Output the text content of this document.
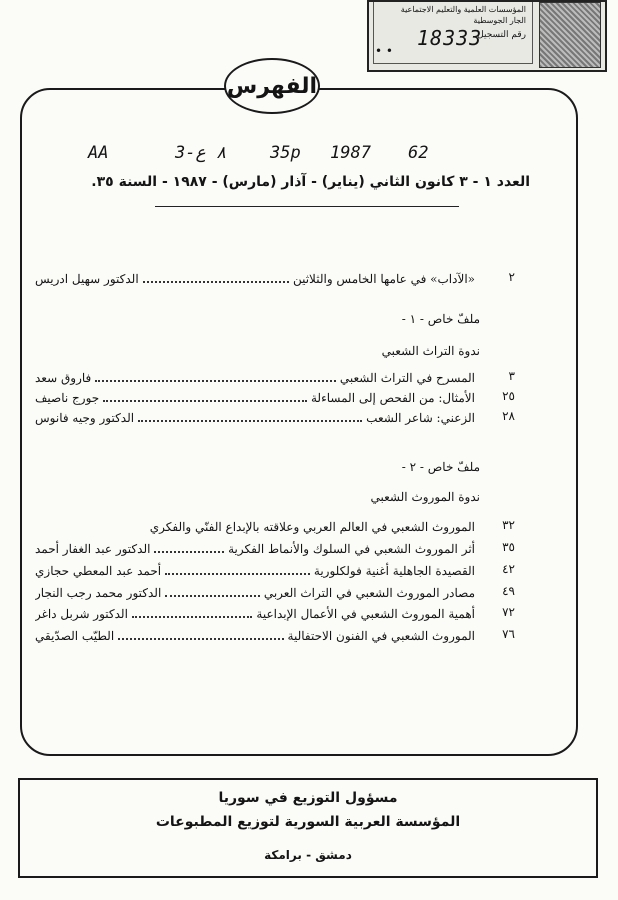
المؤسسات العلمية والتعليم الاجتماعية
الجار الجوسطية
رقم التسجيل
18333
• •
الفهرس
AA	3-٨ ع	35p 1987 62
العدد ١ - ٣ كانون الثاني (يناير) - آذار (مارس) - ١٩٨٧ - السنة ٣٥.
٢
«الآداب» في عامها الخامس والثلاثين
الدكتور سهيل ادريس
ملفّ خاص - ١ -
ندوة التراث الشعبي
٣
المسرح في التراث الشعبي
فاروق سعد
٢٥
الأمثال: من الفحص إلى المساءلة
جورج ناصيف
٢٨
الزعني: شاعر الشعب
الدكتور وجيه فانوس
ملفّ خاص - ٢ -
ندوة الموروث الشعبي
٣٢
الموروث الشعبي في العالم العربي وعلاقته بالإبداع الفنّي والفكري
٣٥
أثر الموروث الشعبي في السلوك والأنماط الفكرية
الدكتور عبد الغفار أحمد
٤٢
القصيدة الجاهلية أغنية فولكلورية
أحمد عبد المعطي حجازي
٤٩
مصادر الموروث الشعبي في التراث العربي
الدكتور محمد رجب النجار
٧٢
أهمية الموروث الشعبي في الأعمال الإبداعية
الدكتور شربل داغر
٧٦
الموروث الشعبي في الفنون الاحتفالية
الطيّب الصدّيقي
مسؤول التوزيع في سوريا
المؤسسة العربية السورية لتوزيع المطبوعات
دمشق - برامكة
